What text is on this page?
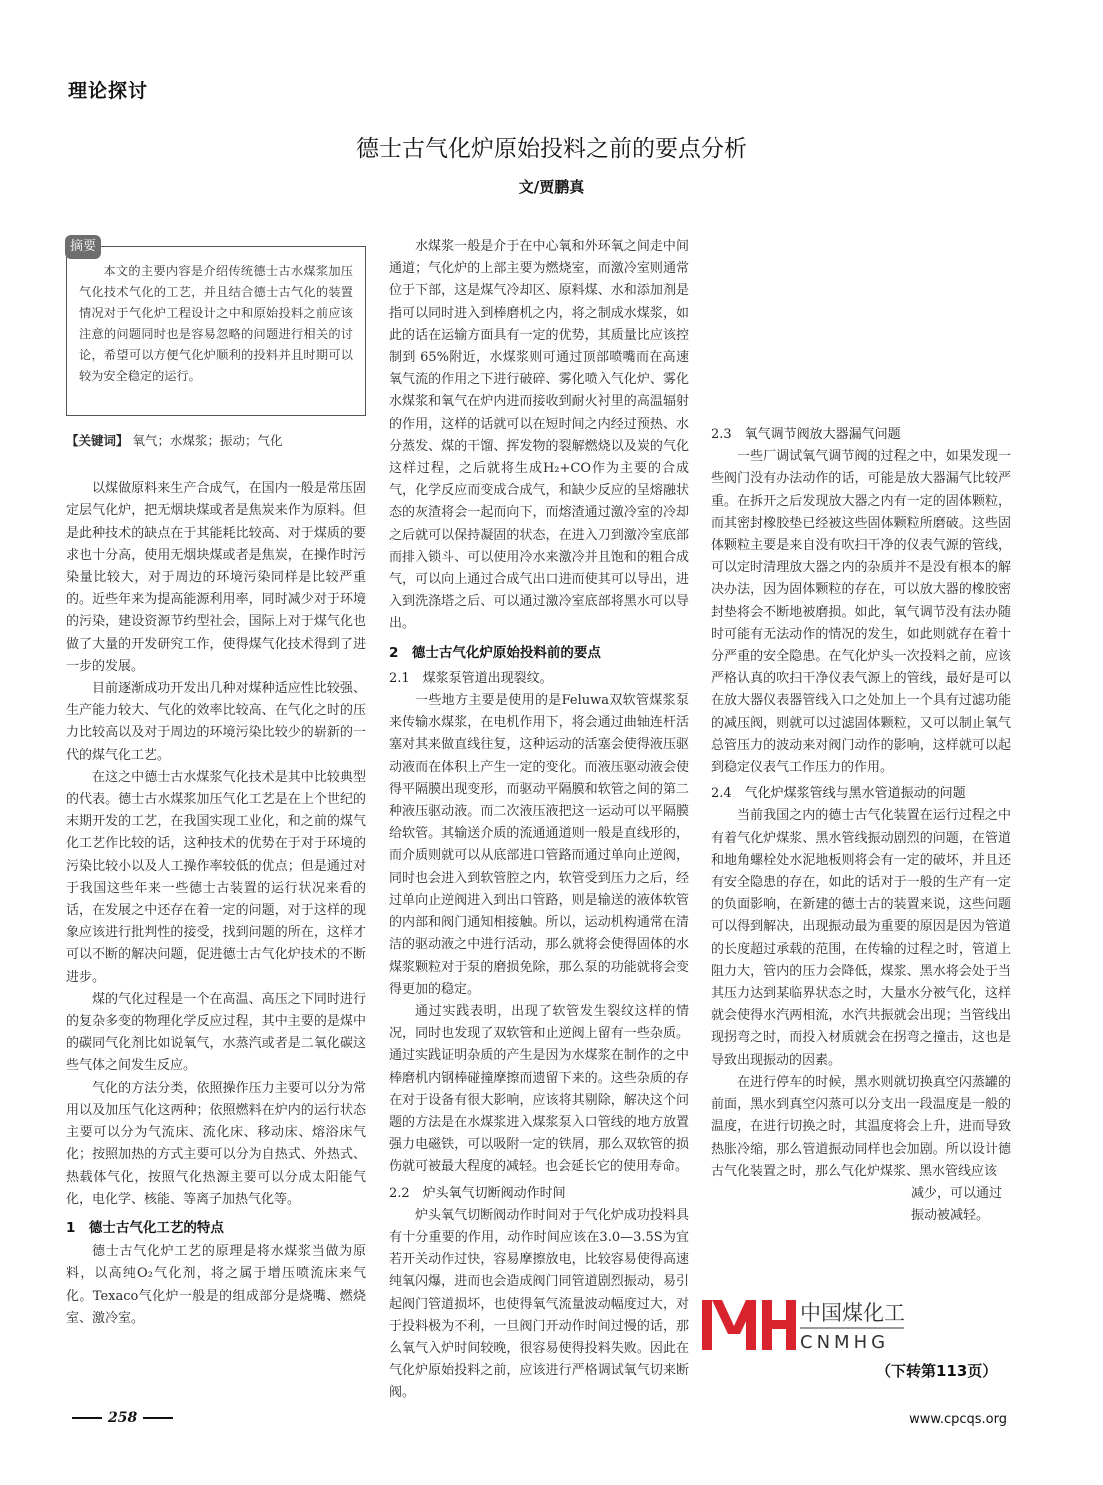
理论探讨
德士古气化炉原始投料之前的要点分析
文/贾鹏真
摘要
本文的主要内容是介绍传统德士古水煤浆加压气化技术气化的工艺，并且结合德士古气化的装置情况对于气化炉工程设计之中和原始投料之前应该注意的问题同时也是容易忽略的问题进行相关的讨论，希望可以方便气化炉顺利的投料并且时期可以较为安全稳定的运行。
【关键词】 氧气；水煤浆；振动；气化

以煤做原料来生产合成气，在国内一般是常压固定层气化炉，把无烟块煤或者是焦炭来作为原料。但是此种技术的缺点在于其能耗比较高、对于煤质的要求也十分高，使用无烟块煤或者是焦炭，在操作时污染量比较大，对于周边的环境污染同样是比较严重的。近些年来为提高能源利用率，同时减少对于环境的污染，建设资源节约型社会，国际上对于煤气化也做了大量的开发研究工作，使得煤气化技术得到了进一步的发展。

目前逐渐成功开发出几种对煤种适应性比较强、生产能力较大、气化的效率比较高、在气化之时的压力比较高以及对于周边的环境污染比较少的崭新的一代的煤气化工艺。

在这之中德士古水煤浆气化技术是其中比较典型的代表。德士古水煤浆加压气化工艺是在上个世纪的末期开发的工艺，在我国实现工业化，和之前的煤气化工艺作比较的话，这种技术的优势在于对于环境的污染比较小以及人工操作率较低的优点；但是通过对于我国这些年来一些德士古装置的运行状况来看的话，在发展之中还存在着一定的问题，对于这样的现象应该进行批判性的接受，找到问题的所在，这样才可以不断的解决问题，促进德士古气化炉技术的不断进步。

煤的气化过程是一个在高温、高压之下同时进行的复杂多变的物理化学反应过程，其中主要的是煤中的碳同气化剂比如说氧气，水蒸汽或者是二氧化碳这些气体之间发生反应。

气化的方法分类，依照操作压力主要可以分为常用以及加压气化这两种；依照燃料在炉内的运行状态主要可以分为气流床、流化床、移动床、熔浴床气化；按照加热的方式主要可以分为自热式、外热式、热载体气化，按照气化热源主要可以分成太阳能气化，电化学、核能、等离子加热气化等。

1　德士古气化工艺的特点

德士古气化炉工艺的原理是将水煤浆当做为原料，以高纯O₂气化剂，将之属于增压喷流床来气化。Texaco气化炉一般是的组成部分是烧嘴、燃烧室、激冷室。

水煤浆一般是介于在中心氧和外环氧之间走中间通道；气化炉的上部主要为燃烧室，而激冷室则通常位于下部，这是煤气冷却区、原料煤、水和添加剂是指可以同时进入到棒磨机之内，将之制成水煤浆，如此的话在运输方面具有一定的优势，其质量比应该控制到 65%附近，水煤浆则可通过顶部喷嘴而在高速氧气流的作用之下进行破碎、雾化喷入气化炉、雾化水煤浆和氧气在炉内进而接收到耐火衬里的高温辐射的作用，这样的话就可以在短时间之内经过预热、水分蒸发、煤的干馏、挥发物的裂解燃烧以及炭的气化这样过程，之后就将生成H₂+CO作为主要的合成气，化学反应而变成合成气，和缺少反应的呈熔融状态的灰渣将会一起而向下，而熔渣通过激冷室的冷却之后就可以保持凝固的状态，在进入刀到激冷室底部而排入锁斗、可以使用冷水来激冷并且饱和的粗合成气，可以向上通过合成气出口进而使其可以导出，进入到洗涤塔之后、可以通过激冷室底部将黑水可以导出。

2　德士古气化炉原始投料前的要点
2.1　煤浆泵管道出现裂纹。

一些地方主要是使用的是Feluwa双软管煤浆泵来传输水煤浆，在电机作用下，将会通过曲轴连杆活塞对其来做直线往复，这种运动的活塞会使得液压驱动液而在体积上产生一定的变化。而液压驱动液会使得平隔膜出现变形，而驱动平隔膜和软管之间的第二种液压驱动液。而二次液压液把这一运动可以平隔膜给软管。其输送介质的流通通道则一般是直线形的，而介质则就可以从底部进口管路而通过单向止逆阀，同时也会进入到软管腔之内，软管受到压力之后，经过单向止逆阀进入到出口管路，则是输送的液体软管的内部和阀门通知相接触。所以，运动机构通常在清洁的驱动液之中进行活动，那么就将会使得固体的水煤浆颗粒对于泵的磨损免除，那么泵的功能就将会变得更加的稳定。

通过实践表明，出现了软管发生裂纹这样的情况，同时也发现了双软管和止逆阀上留有一些杂质。通过实践证明杂质的产生是因为水煤浆在制作的之中棒磨机内钢棒碰撞摩擦而遗留下来的。这些杂质的存在对于设备有很大影响，应该将其剔除，解决这个问题的方法是在水煤浆进入煤浆泵入口管线的地方放置强力电磁铁，可以吸附一定的铁屑，那么双软管的损伤就可被最大程度的减轻。也会延长它的使用寿命。

2.2　炉头氧气切断阀动作时间

炉头氧气切断阀动作时间对于气化炉成功投料具有十分重要的作用，动作时间应该在3.0—3.5S为宜若开关动作过快，容易摩擦放电，比较容易使得高速纯氧闪爆，进而也会造成阀门同管道剧烈振动，易引起阀门管道损坏，也使得氧气流量波动幅度过大，对于投料极为不利，一旦阀门开动作时间过慢的话，那么氧气入炉时间较晚，很容易使得投料失败。因此在气化炉原始投料之前，应该进行严格调试氧气切来断阀。

2.3　氧气调节阀放大器漏气问题

一些厂调试氧气调节阀的过程之中，如果发现一些阀门没有办法动作的话，可能是放大器漏气比较严重。在拆开之后发现放大器之内有一定的固体颗粒，而其密封橡胶垫已经被这些固体颗粒所磨破。这些固体颗粒主要是来自没有吹扫干净的仪表气源的管线，可以定时清理放大器之内的杂质并不是没有根本的解决办法，因为固体颗粒的存在，可以放大器的橡胶密封垫将会不断地被磨损。如此，氧气调节没有法办随时可能有无法动作的情况的发生，如此则就存在着十分严重的安全隐患。在气化炉头一次投料之前，应该严格认真的吹扫干净仪表气源上的管线，最好是可以在放大器仪表器管线入口之处加上一个具有过滤功能的减压阀，则就可以过滤固体颗粒，又可以制止氧气总管压力的波动来对阀门动作的影响，这样就可以起到稳定仪表气工作压力的作用。

2.4　气化炉煤浆管线与黑水管道振动的问题

当前我国之内的德士古气化装置在运行过程之中有着气化炉煤浆、黑水管线振动剧烈的问题，在管道和地角螺栓处水泥地板则将会有一定的破坏，并且还有安全隐患的存在，如此的话对于一般的生产有一定的负面影响，在新建的德士古的装置来说，这些问题可以得到解决，出现振动最为重要的原因是因为管道的长度超过承载的范围，在传输的过程之时，管道上阻力大，管内的压力会降低，煤浆、黑水将会处于当其压力达到某临界状态之时，大量水分被气化，这样就会使得水汽两相流，水汽共振就会出现；当管线出现拐弯之时，而投入材质就会在拐弯之撞击，这也是导致出现振动的因素。

在进行停车的时候，黑水则就切换真空闪蒸罐的前面，黑水到真空闪蒸可以分支出一段温度是一般的温度，在进行切换之时，其温度将会上升，进而导致热胀冷缩，那么管道振动同样也会加剧。所以设计德古气化装置之时，那么气化炉煤浆、黑水管线应该

减少，可以通过

振动被减轻。

中国煤化工
CNMHG
（下转第113页）
258	www.cpcqs.org
